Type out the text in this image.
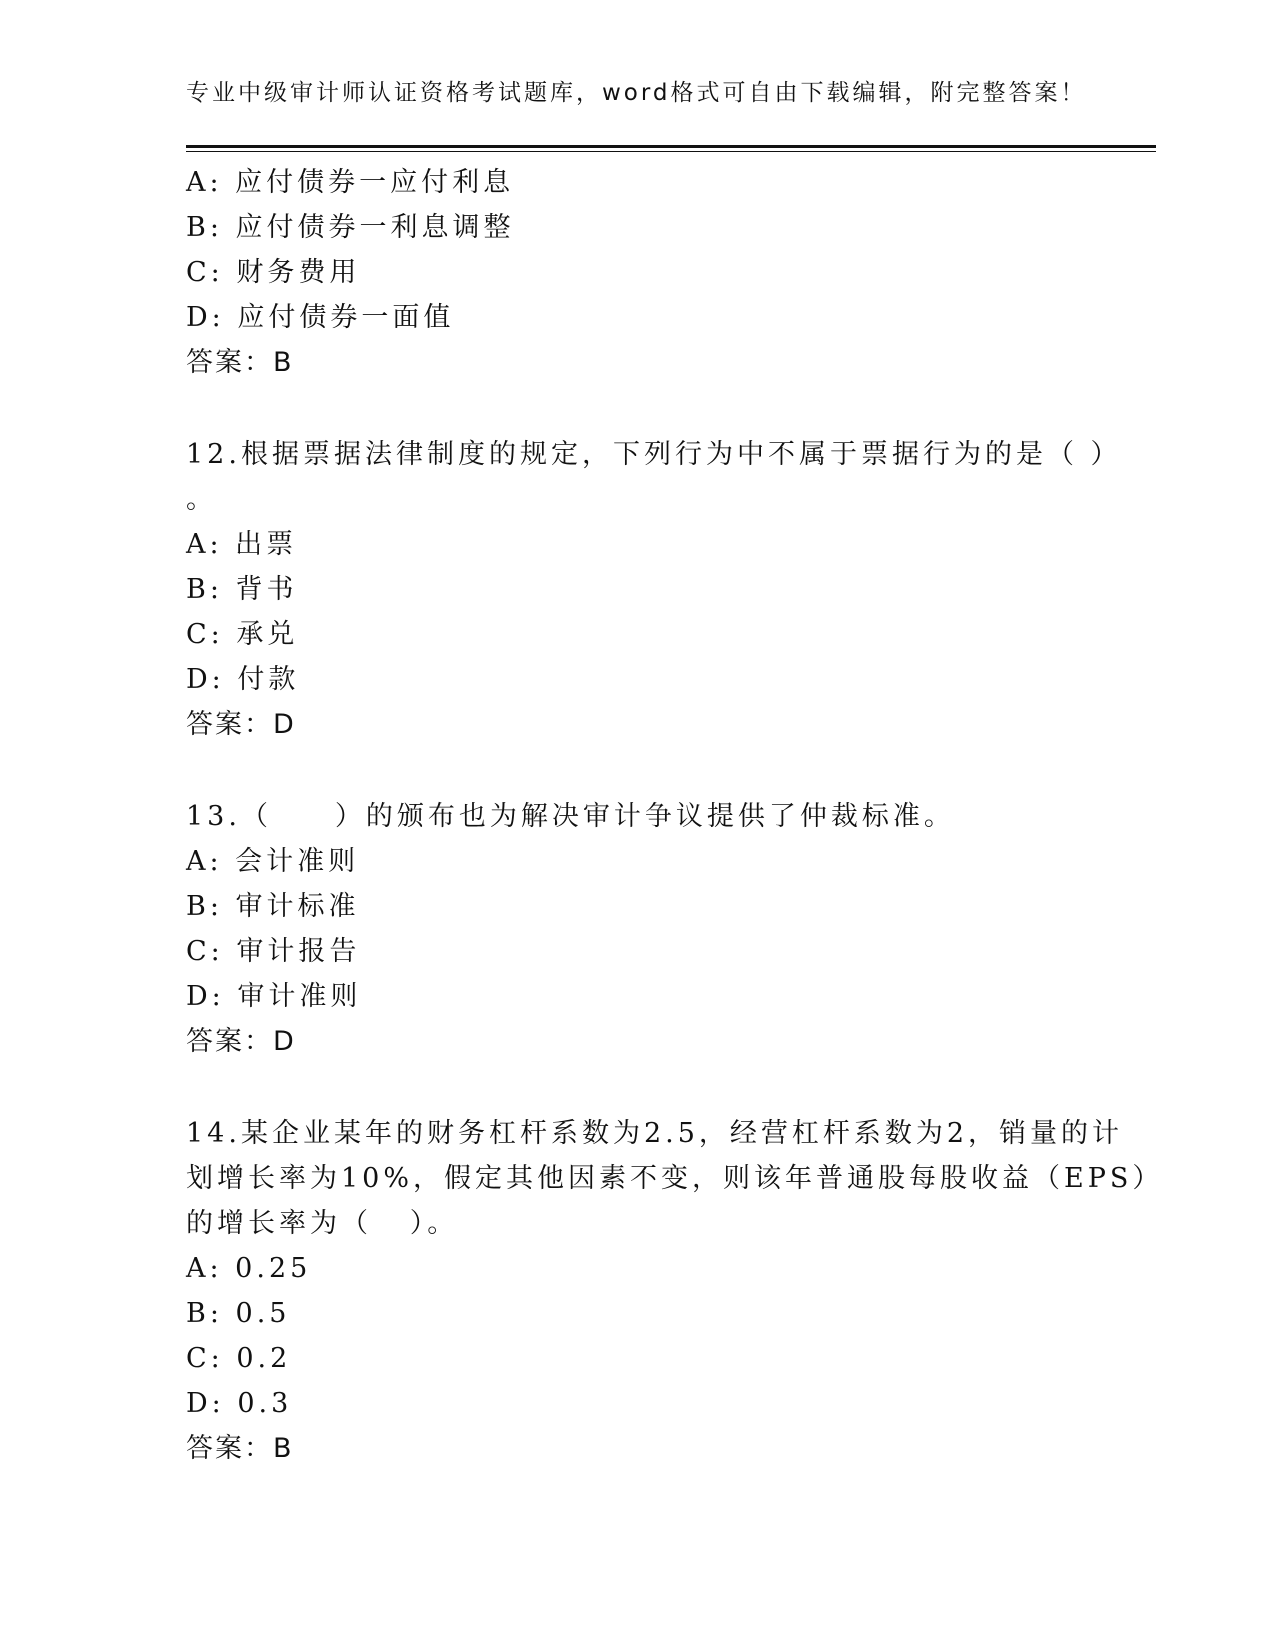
专业中级审计师认证资格考试题库，word格式可自由下载编辑，附完整答案！
A: 应付债券一应付利息
B: 应付债券一利息调整
C: 财务费用
D: 应付债券一面值
答案：B
12.根据票据法律制度的规定，下列行为中不属于票据行为的是（ ）
。
A: 出票
B: 背书
C: 承兑
D: 付款
答案：D
13.（     ）的颁布也为解决审计争议提供了仲裁标准。
A: 会计准则
B: 审计标准
C: 审计报告
D: 审计准则
答案：D
14.某企业某年的财务杠杆系数为2.5，经营杠杆系数为2，销量的计
划增长率为10%，假定其他因素不变，则该年普通股每股收益（EPS）
的增长率为（   ）。
A: 0.25
B: 0.5
C: 0.2
D: 0.3
答案：B
